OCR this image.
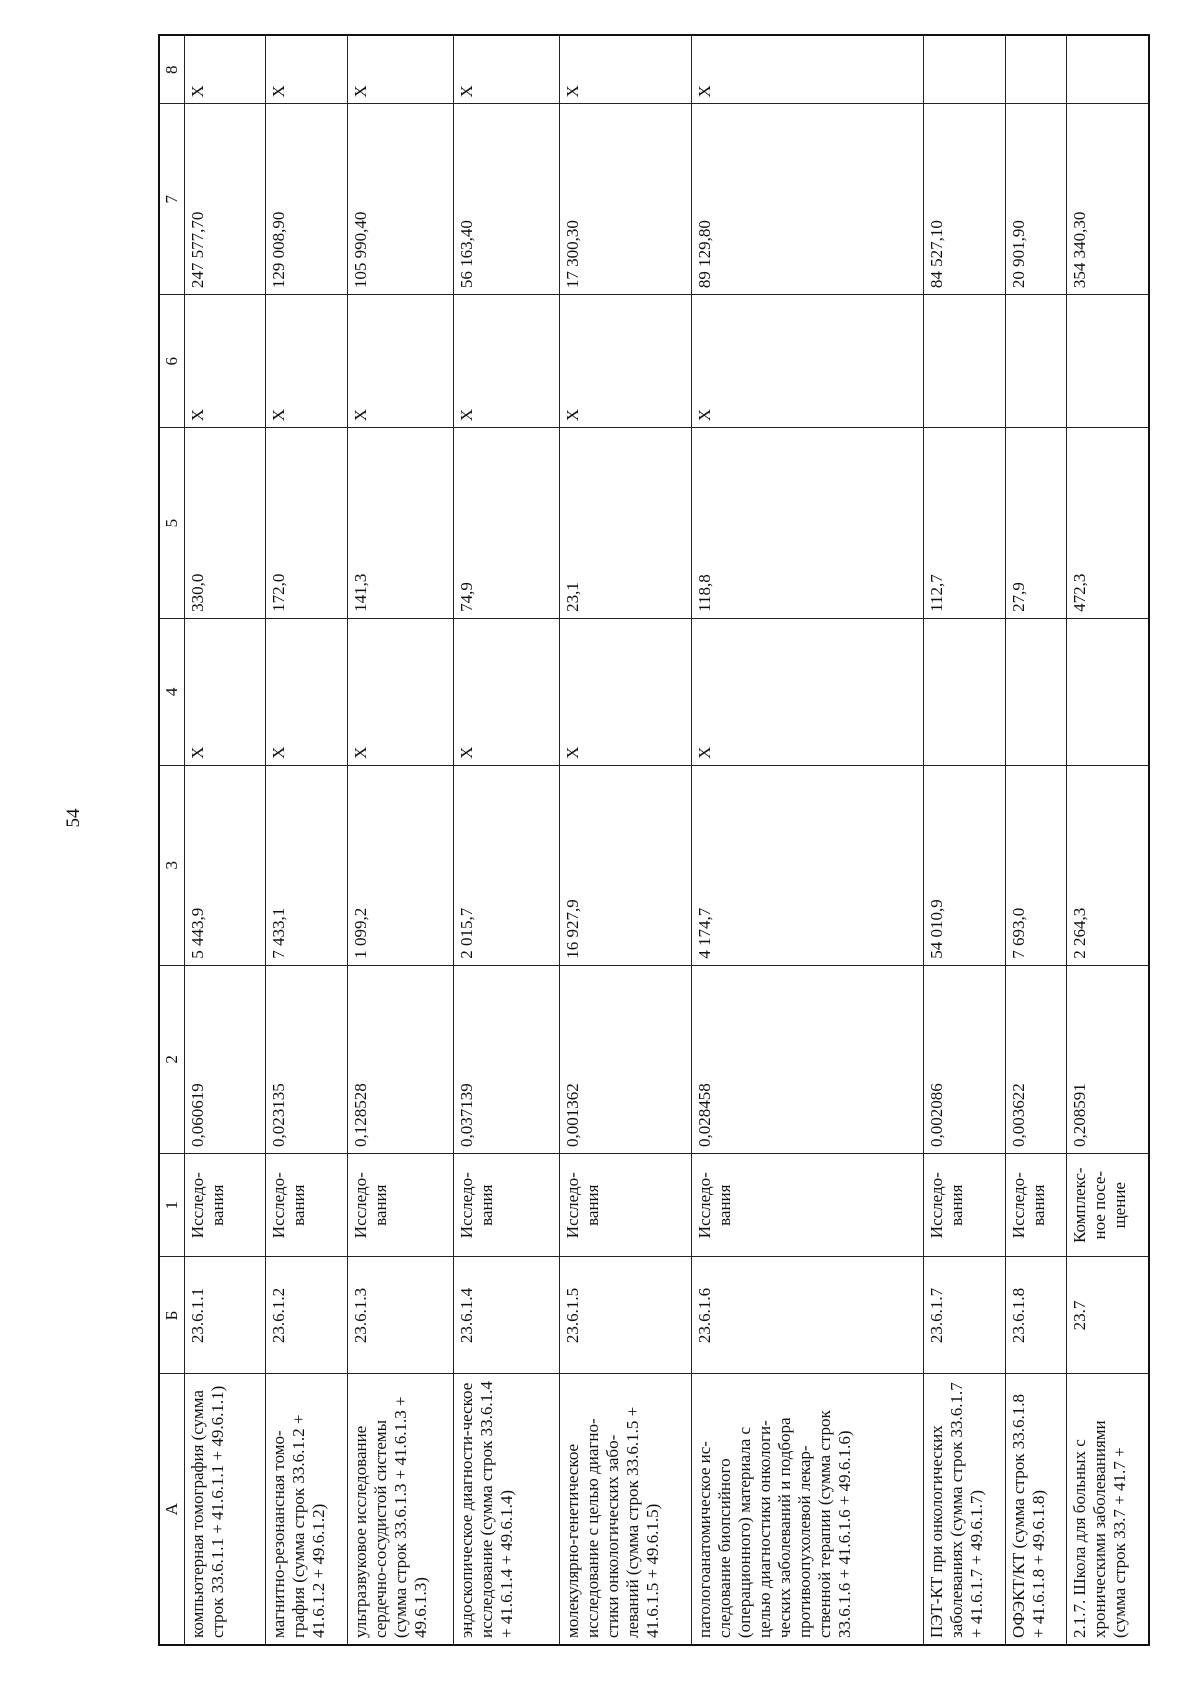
54
А	Б	1	2	3	4	5	6	7	8
компьютерная томография (сумма строк 33.6.1.1 + 41.6.1.1 + 49.6.1.1)	23.6.1.1	Исследо-вания	0,060619	5 443,9	X	330,0	X	247 577,70	X
магнитно-резонансная томо-графия (сумма строк 33.6.1.2 + 41.6.1.2 + 49.6.1.2)	23.6.1.2	Исследо-вания	0,023135	7 433,1	X	172,0	X	129 008,90	X
ультразвуковое исследование сердечно-сосудистой системы (сумма строк 33.6.1.3 + 41.6.1.3 + 49.6.1.3)	23.6.1.3	Исследо-вания	0,128528	1 099,2	X	141,3	X	105 990,40	X
эндоскопическое диагности-ческое исследование (сумма строк 33.6.1.4 + 41.6.1.4 + 49.6.1.4)	23.6.1.4	Исследо-вания	0,037139	2 015,7	X	74,9	X	56 163,40	X
молекулярно-генетическое исследование с целью диагно-стики онкологических забо-леваний (сумма строк 33.6.1.5 + 41.6.1.5 + 49.6.1.5)	23.6.1.5	Исследо-вания	0,001362	16 927,9	X	23,1	X	17 300,30	X
патологоанатомическое ис-следование биопсийного (операционного) материала с целью диагностики онкологи-ческих заболеваний и подбора противоопухолевой лекар-ственной терапии (сумма строк 33.6.1.6 + 41.6.1.6 + 49.6.1.6)	23.6.1.6	Исследо-вания	0,028458	4 174,7	X	118,8	X	89 129,80	X
ПЭТ-КТ при онкологических заболеваниях (сумма строк 33.6.1.7 + 41.6.1.7 + 49.6.1.7)	23.6.1.7	Исследо-вания	0,002086	54 010,9		112,7		84 527,10	
ОФЭКТ/КТ (сумма строк 33.6.1.8 + 41.6.1.8 + 49.6.1.8)	23.6.1.8	Исследо-вания	0,003622	7 693,0		27,9		20 901,90	
2.1.7. Школа для больных с хроническими заболеваниями (сумма строк 33.7 + 41.7 +	23.7	Комплекс-ное посе-щение	0,208591	2 264,3		472,3		354 340,30	
